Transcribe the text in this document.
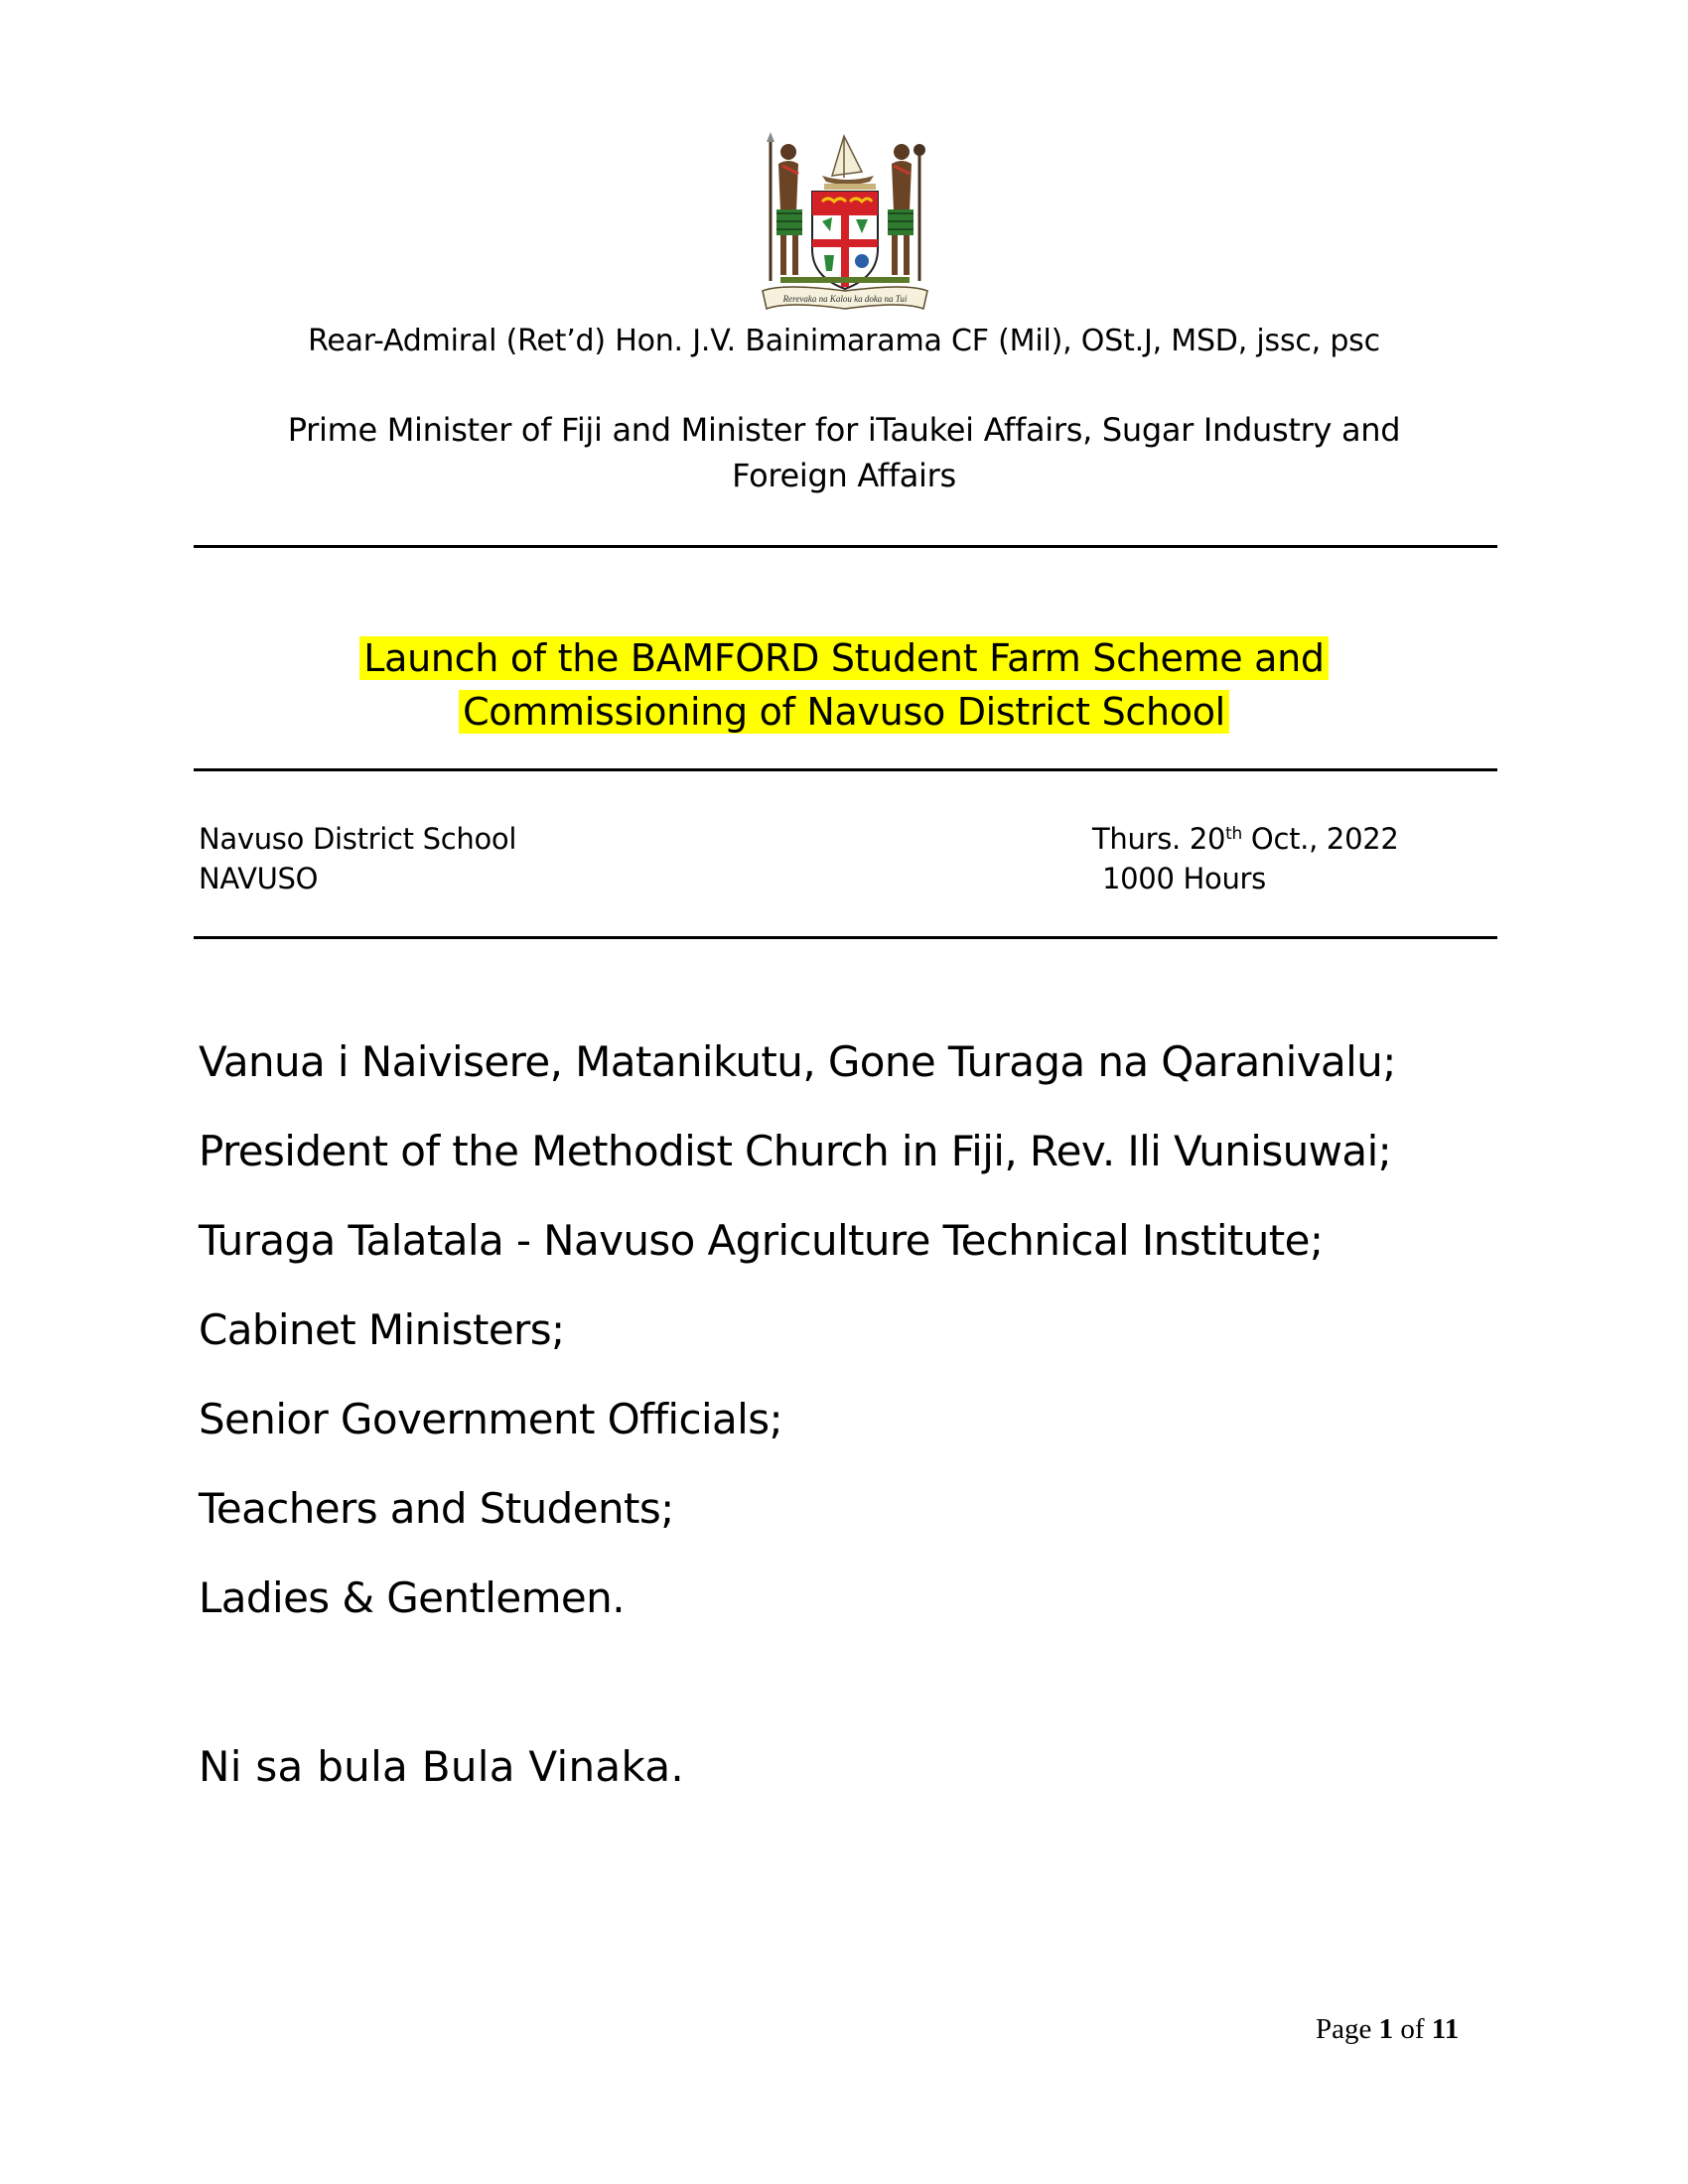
Rerevaka na Kalou ka doka na Tui
Rear-Admiral (Ret’d) Hon. J.V. Bainimarama CF (Mil), OSt.J, MSD, jssc, psc
Prime Minister of Fiji and Minister for iTaukei Affairs, Sugar Industry and
Foreign Affairs
Launch of the BAMFORD Student Farm Scheme and
Commissioning of Navuso District School
Navuso District School
NAVUSO
Thurs. 20th Oct., 2022
1000 Hours
Vanua i Naivisere, Matanikutu, Gone Turaga na Qaranivalu;
President of the Methodist Church in Fiji, Rev. Ili Vunisuwai;
Turaga Talatala - Navuso Agriculture Technical Institute;
Cabinet Ministers;
Senior Government Officials;
Teachers and Students;
Ladies & Gentlemen.
Ni sa bula Bula Vinaka.
Page 1 of 11
